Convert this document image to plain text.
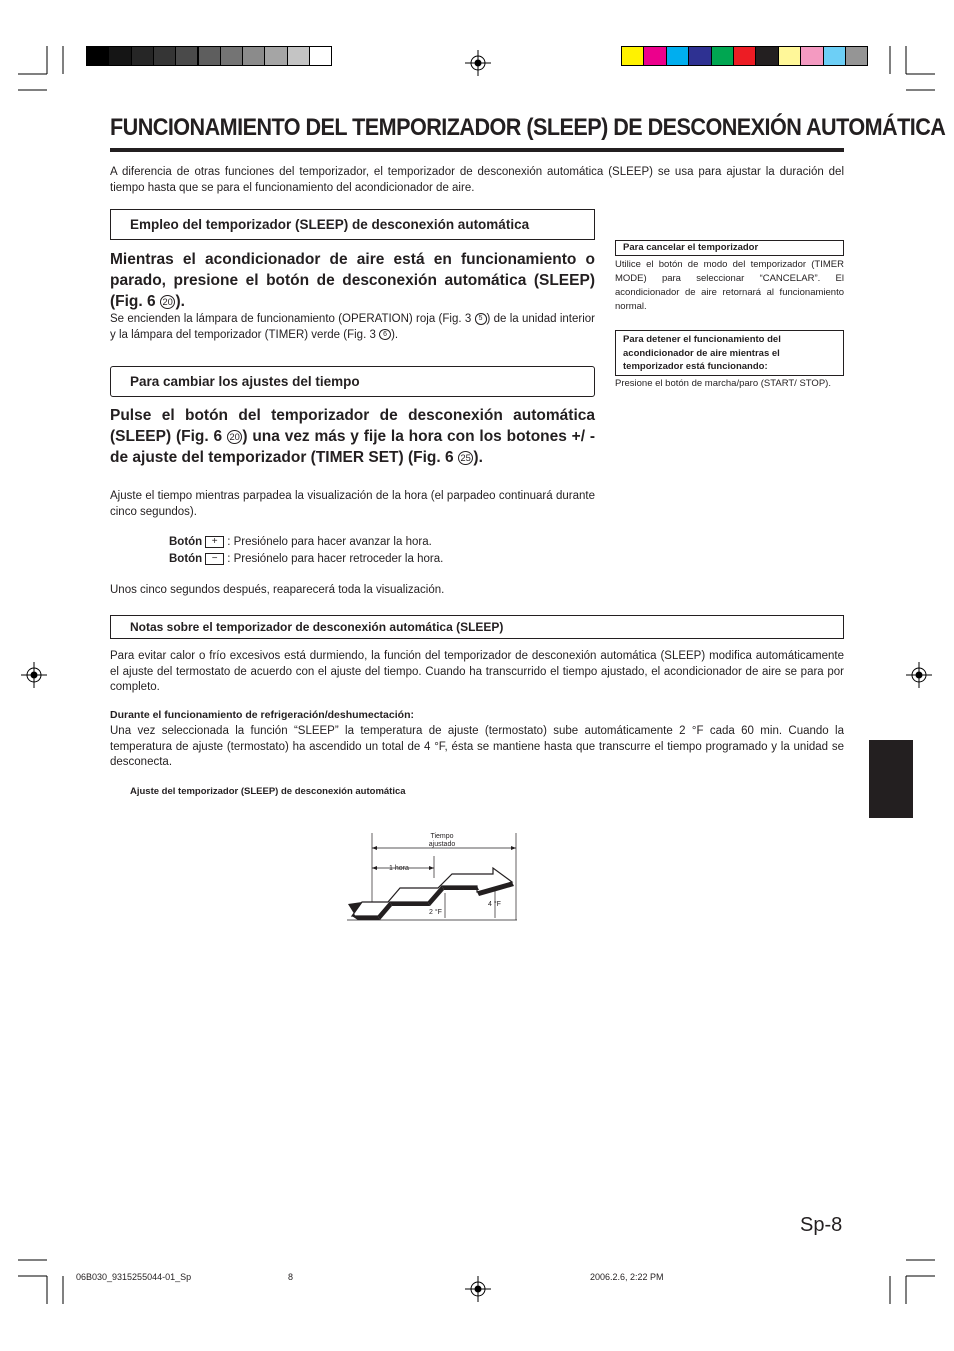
FUNCIONAMIENTO DEL TEMPORIZADOR (SLEEP) DE DESCONEXIÓN AUTOMÁTICA
A diferencia de otras funciones del temporizador, el temporizador de desconexión automática (SLEEP) se usa para ajustar la duración del tiempo hasta que se para el funcionamiento del acondicionador de aire.
Empleo del temporizador (SLEEP) de desconexión automática
Mientras el acondicionador de aire está en funcionamiento o parado, presione el botón de desconexión automática (SLEEP) (Fig. 6 20 ).
Se encienden la lámpara de funcionamiento (OPERATION) roja (Fig. 3 5 ) de la unidad interior y la lámpara del temporizador (TIMER) verde (Fig. 3 6 ).
Para cambiar los ajustes del tiempo
Pulse el botón del temporizador de desconexión automática (SLEEP) (Fig. 6 20 ) una vez más y fije la hora con los botones +/ - de ajuste del temporizador (TIMER SET) (Fig. 6 25 ).
Ajuste el tiempo mientras parpadea la visualización de la hora (el parpadeo continuará durante cinco segundos).
Botón + : Presiónelo para hacer avanzar la hora.
Botón − : Presiónelo para hacer retroceder la hora.
Unos cinco segundos después, reaparecerá toda la visualización.
Para cancelar el temporizador
Utilice el botón de modo del temporizador (TIMER MODE) para seleccionar “CANCELAR”. El acondicionador de aire retornará al funcionamiento normal.
Para detener el funcionamiento del acondicionador de aire mientras el temporizador está funcionando:
Presione el botón de marcha/paro (START/ STOP).
Notas sobre el temporizador de desconexión automática (SLEEP)
Para evitar calor o frío excesivos está durmiendo, la función del temporizador de desconexión automática (SLEEP) modifica automáticamente el ajuste del termostato de acuerdo con el ajuste del tiempo. Cuando ha transcurrido el tiempo ajustado, el acondicionador de aire se para por completo.
Durante el funcionamiento de refrigeración/deshumectación:
Una vez seleccionada la función “SLEEP” la temperatura de ajuste (termostato) sube automáticamente 2 °F cada 60 min. Cuando la temperatura de ajuste (termostato) ha ascendido un total de 4 °F, ésta se mantiene hasta que transcurre el tiempo programado y la unidad se desconecta.
Ajuste del temporizador (SLEEP) de desconexión automática
Tiempo
ajustado
1 hora
2 °F
4 °F
Sp-8
06B030_9315255044-01_Sp	8	2006.2.6, 2:22 PM
